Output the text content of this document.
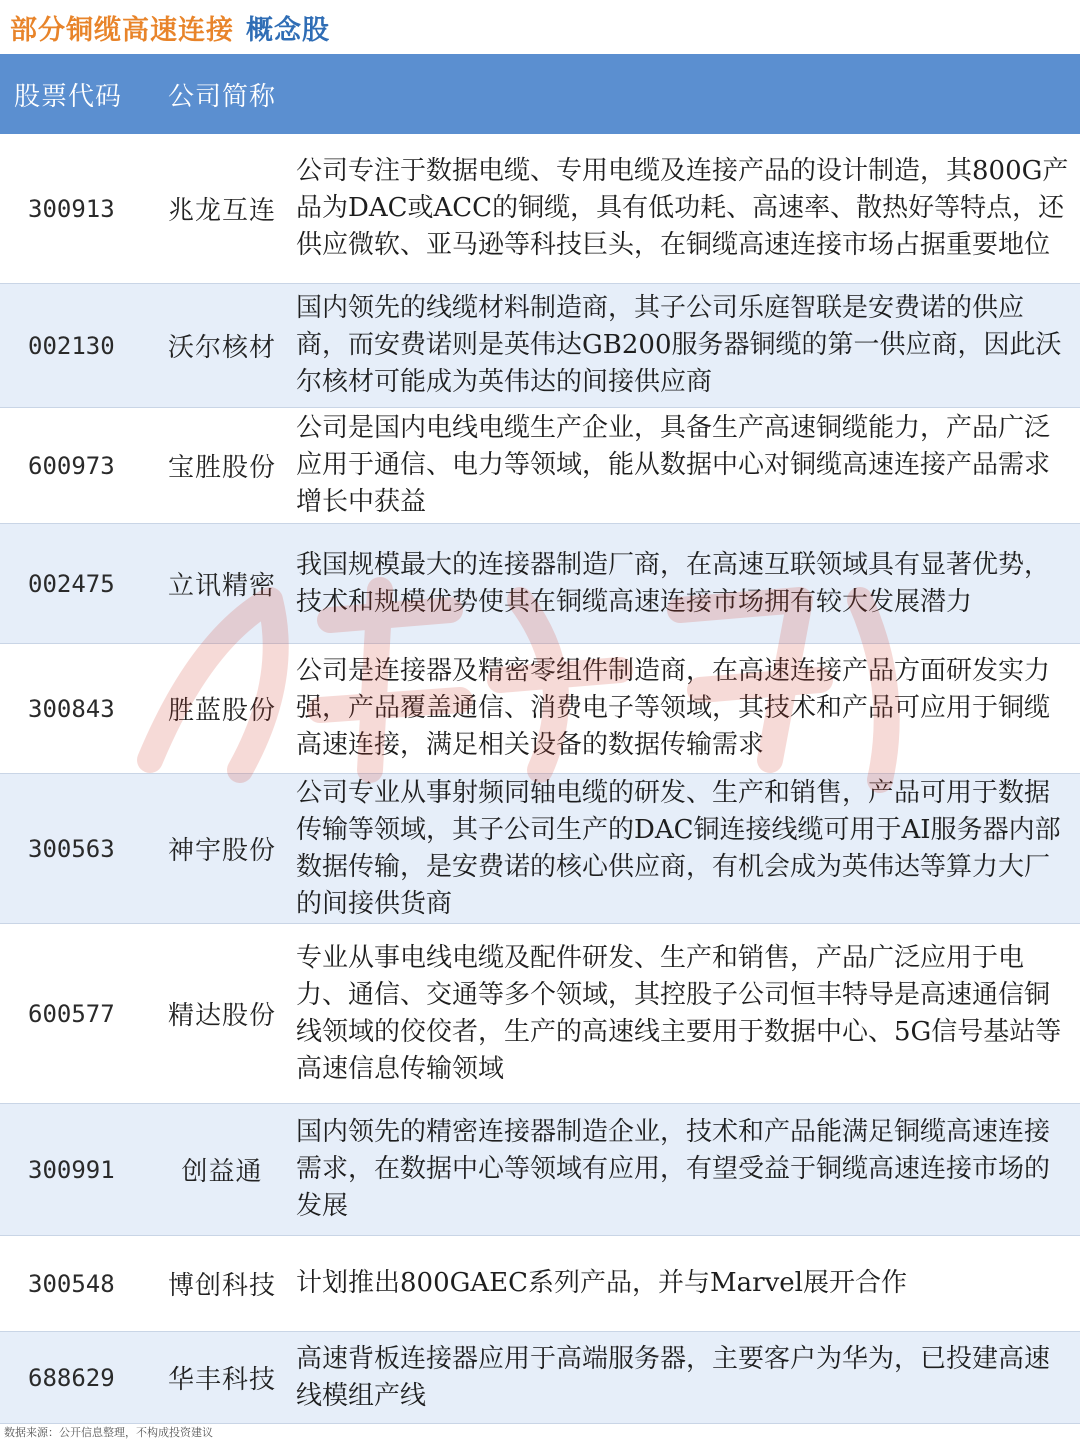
部分铜缆高速连接 概念股
股票代码	公司简称
300913	兆龙互连
公司专注于数据电缆、专用电缆及连接产品的设计制造，其800G产品为DAC或ACC的铜缆，具有低功耗、高速率、散热好等特点，还供应微软、亚马逊等科技巨头，在铜缆高速连接市场占据重要地位
002130	沃尔核材
国内领先的线缆材料制造商，其子公司乐庭智联是安费诺的供应商，而安费诺则是英伟达GB200服务器铜缆的第一供应商，因此沃尔核材可能成为英伟达的间接供应商
600973	宝胜股份
公司是国内电线电缆生产企业，具备生产高速铜缆能力，产品广泛应用于通信、电力等领域，能从数据中心对铜缆高速连接产品需求增长中获益
002475	立讯精密
我国规模最大的连接器制造厂商，在高速互联领域具有显著优势，技术和规模优势使其在铜缆高速连接市场拥有较大发展潜力
300843	胜蓝股份
公司是连接器及精密零组件制造商，在高速连接产品方面研发实力强，产品覆盖通信、消费电子等领域，其技术和产品可应用于铜缆高速连接，满足相关设备的数据传输需求
300563	神宇股份
公司专业从事射频同轴电缆的研发、生产和销售，产品可用于数据传输等领域，其子公司生产的DAC铜连接线缆可用于AI服务器内部数据传输，是安费诺的核心供应商，有机会成为英伟达等算力大厂的间接供货商
600577	精达股份
专业从事电线电缆及配件研发、生产和销售，产品广泛应用于电力、通信、交通等多个领域，其控股子公司恒丰特导是高速通信铜线领域的佼佼者，生产的高速线主要用于数据中心、5G信号基站等高速信息传输领域
300991	创益通
国内领先的精密连接器制造企业，技术和产品能满足铜缆高速连接需求，在数据中心等领域有应用，有望受益于铜缆高速连接市场的发展
300548	博创科技 计划推出800GAEC系列产品，并与Marvel展开合作
688629	华丰科技
高速背板连接器应用于高端服务器，主要客户为华为，已投建高速线模组产线
数据来源：公开信息整理，不构成投资建议
